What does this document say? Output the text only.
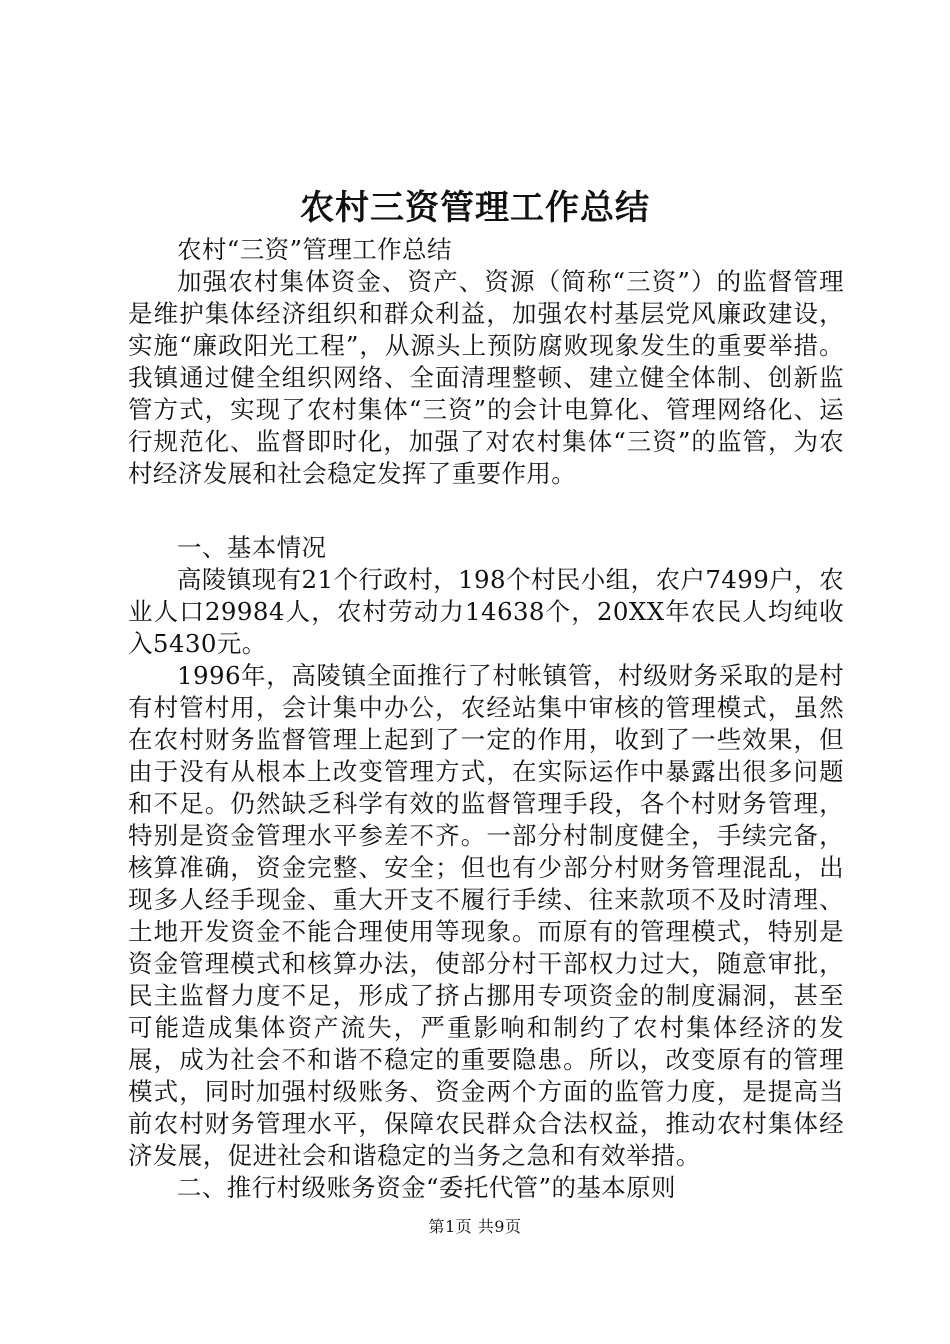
农村三资管理工作总结

农村“三资”管理工作总结

加强农村集体资金、资产、资源（简称“三资”）的监督管理是维护集体经济组织和群众利益，加强农村基层党风廉政建设，实施“廉政阳光工程”，从源头上预防腐败现象发生的重要举措。我镇通过健全组织网络、全面清理整顿、建立健全体制、创新监管方式，实现了农村集体“三资”的会计电算化、管理网络化、运行规范化、监督即时化，加强了对农村集体“三资”的监管，为农村经济发展和社会稳定发挥了重要作用。

一、基本情况

高陵镇现有21个行政村，198个村民小组，农户7499户，农业人口29984人，农村劳动力14638个，20XX年农民人均纯收入5430元。

1996年，高陵镇全面推行了村帐镇管，村级财务采取的是村有村管村用，会计集中办公，农经站集中审核的管理模式，虽然在农村财务监督管理上起到了一定的作用，收到了一些效果，但由于没有从根本上改变管理方式，在实际运作中暴露出很多问题和不足。仍然缺乏科学有效的监督管理手段，各个村财务管理，特别是资金管理水平参差不齐。一部分村制度健全，手续完备，核算准确，资金完整、安全；但也有少部分村财务管理混乱，出现多人经手现金、重大开支不履行手续、往来款项不及时清理、土地开发资金不能合理使用等现象。而原有的管理模式，特别是资金管理模式和核算办法，使部分村干部权力过大，随意审批，民主监督力度不足，形成了挤占挪用专项资金的制度漏洞，甚至可能造成集体资产流失，严重影响和制约了农村集体经济的发展，成为社会不和谐不稳定的重要隐患。所以，改变原有的管理模式，同时加强村级账务、资金两个方面的监管力度，是提高当前农村财务管理水平，保障农民群众合法权益，推动农村集体经济发展，促进社会和谐稳定的当务之急和有效举措。

二、推行村级账务资金“委托代管”的基本原则

第1页 共9页
